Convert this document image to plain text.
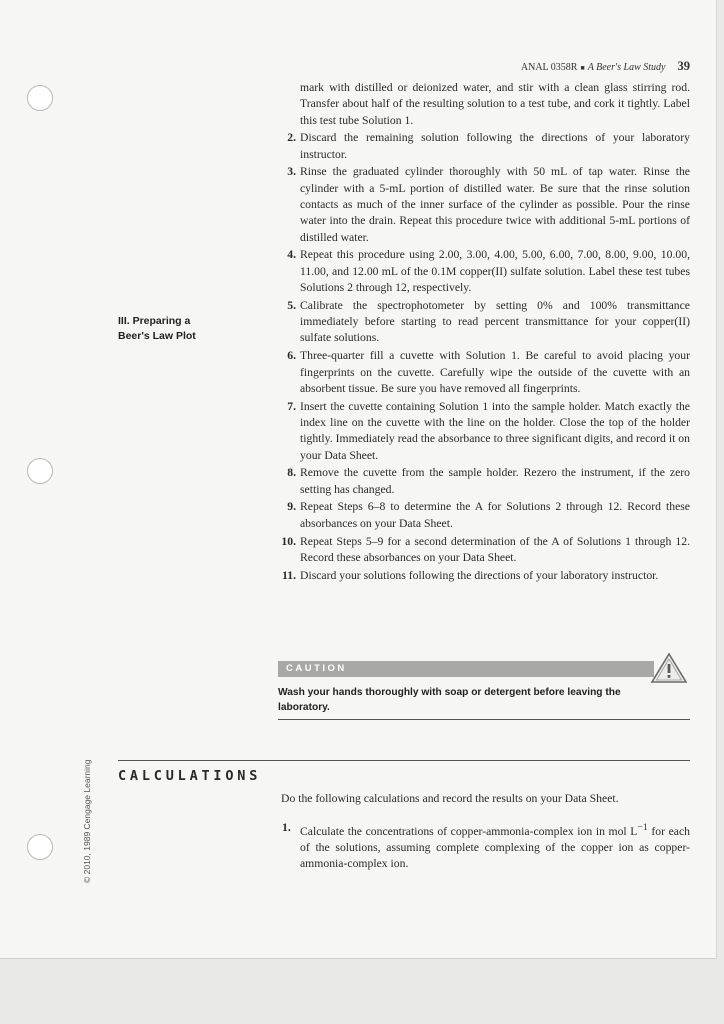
ANAL 0358R ■ A Beer's Law Study 39
III. Preparing a
Beer's Law Plot
mark with distilled or deionized water, and stir with a clean glass stirring rod. Transfer about half of the resulting solution to a test tube, and cork it tightly. Label this test tube Solution 1.
2. Discard the remaining solution following the directions of your laboratory instructor.
3. Rinse the graduated cylinder thoroughly with 50 mL of tap water. Rinse the cylinder with a 5-mL portion of distilled water. Be sure that the rinse solution contacts as much of the inner surface of the cylinder as possible. Pour the rinse water into the drain. Repeat this procedure twice with additional 5-mL portions of distilled water.
4. Repeat this procedure using 2.00, 3.00, 4.00, 5.00, 6.00, 7.00, 8.00, 9.00, 10.00, 11.00, and 12.00 mL of the 0.1M copper(II) sulfate solution. Label these test tubes Solutions 2 through 12, respectively.
5. Calibrate the spectrophotometer by setting 0% and 100% transmittance immediately before starting to read percent transmittance for your copper(II) sulfate solutions.
6. Three-quarter fill a cuvette with Solution 1. Be careful to avoid placing your fingerprints on the cuvette. Carefully wipe the outside of the cuvette with an absorbent tissue. Be sure you have removed all fingerprints.
7. Insert the cuvette containing Solution 1 into the sample holder. Match exactly the index line on the cuvette with the line on the holder. Close the top of the holder tightly. Immediately read the absorbance to three significant digits, and record it on your Data Sheet.
8. Remove the cuvette from the sample holder. Rezero the instrument, if the zero setting has changed.
9. Repeat Steps 6–8 to determine the A for Solutions 2 through 12. Record these absorbances on your Data Sheet.
10. Repeat Steps 5–9 for a second determination of the A of Solutions 1 through 12. Record these absorbances on your Data Sheet.
11. Discard your solutions following the directions of your laboratory instructor.
CAUTION
Wash your hands thoroughly with soap or detergent before leaving the laboratory.
CALCULATIONS
Do the following calculations and record the results on your Data Sheet.
1. Calculate the concentrations of copper-ammonia-complex ion in mol $L^{-1}$ for each of the solutions, assuming complete complexing of the copper ion as copper-ammonia-complex ion.
© 2010, 1989 Cengage Learning
